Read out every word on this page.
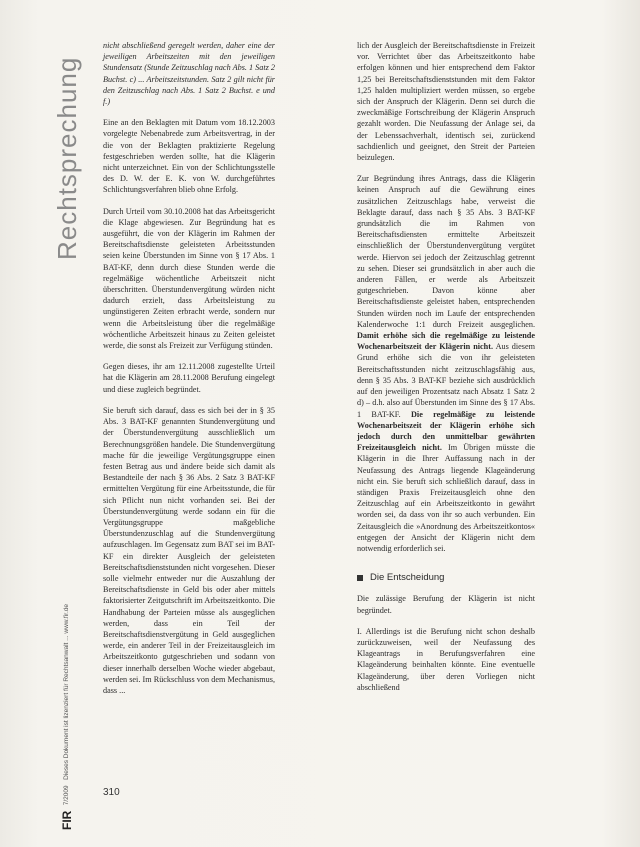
Rechtsprechung
FIR   7/2009   Dieses Dokument ist lizenziert für Rechtsanwalt ... www.fir.de

nicht abschließend geregelt werden, daher eine der jeweiligen Arbeitszeiten mit den jeweiligen Stundensatz (Stunde Zeitzuschlag nach Abs. 1 Satz 2 Buchst. c) ... Arbeitszeitstunden. Satz 2 gilt nicht für den Zeitzuschlag nach Abs. 1 Satz 2 Buchst. e und f.)

Eine an den Beklagten mit Datum vom 18.12.2003 vorgelegte Nebenabrede zum Arbeitsvertrag, in der die von der Beklagten praktizierte Regelung festgeschrieben werden sollte, hat die Klägerin nicht unterzeichnet. Ein von der Schlichtungsstelle des D. W. der E. K. von W. durchgeführtes Schlichtungsverfahren blieb ohne Erfolg.

Durch Urteil vom 30.10.2008 hat das Arbeitsgericht die Klage abgewiesen. Zur Begründung hat es ausgeführt, die von der Klägerin im Rahmen der Bereitschaftsdienste geleisteten Arbeitsstunden seien keine Überstunden im Sinne von § 17 Abs. 1 BAT-KF, denn durch diese Stunden werde die regelmäßige wöchentliche Arbeitszeit nicht überschritten. Überstundenvergütung würden nicht dadurch erzielt, dass Arbeitsleistung zu ungünstigeren Zeiten erbracht werde, sondern nur wenn die Arbeitsleistung über die regelmäßige wöchentliche Arbeitszeit hinaus zu Zeiten geleistet werde, die sonst als Freizeit zur Verfügung stünden.

Gegen dieses, ihr am 12.11.2008 zugestellte Urteil hat die Klägerin am 28.11.2008 Berufung eingelegt und diese zugleich begründet.

Sie beruft sich darauf, dass es sich bei der in § 35 Abs. 3 BAT-KF genannten Stundenvergütung und der Überstundenvergütung ausschließlich um Berechnungsgrößen handele. Die Stundenvergütung mache für die jeweilige Vergütungsgruppe einen festen Betrag aus und ändere beide sich damit als Bestandteile der nach § 36 Abs. 2 Satz 3 BAT-KF ermittelten Vergütung für eine Arbeitsstunde, die für sich Pflicht nun nicht vorhanden sei. Bei der Überstundenvergütung werde sodann ein für die Vergütungsgruppe maßgebliche Überstundenzuschlag auf die Stundenvergütung aufzuschlagen. Im Gegensatz zum BAT sei im BAT-KF ein direkter Ausgleich der geleisteten Bereitschaftsdienststunden nicht vorgesehen. Dieser solle vielmehr entweder nur die Auszahlung der Bereitschaftsdienste in Geld bis oder aber mittels faktorisierter Zeitgutschrift im Arbeitszeitkonto. Die Handhabung der Parteien müsse als ausgeglichen werden, dass ein Teil der Bereitschaftsdienstvergütung in Geld ausgeglichen werde, ein anderer Teil in der Freizeitausgleich im Arbeitszeitkonto gutgeschrieben und sodann von dieser innerhalb derselben Woche wieder abgebaut, werden sei. Im Rückschluss von dem Mechanismus, dass ...

lich der Ausgleich der Bereitschaftsdienste in Freizeit vor. Verrichtet über das Arbeitszeitkonto habe erfolgen können und hier entsprechend dem Faktor 1,25 bei Bereitschaftsdienststunden mit dem Faktor 1,25 halden multipliziert werden müssen, so ergebe sich der Anspruch der Klägerin. Denn sei durch die zweckmäßige Fortschreibung der Klägerin Anspruch gezahlt worden. Die Neufassung der Anlage sei, da der Lebenssachverhalt, identisch sei, zurückend sachdienlich und geeignet, den Streit der Parteien beizulegen.

Zur Begründung ihres Antrags, dass die Klägerin keinen Anspruch auf die Gewährung eines zusätzlichen Zeitzuschlags habe, verweist die Beklagte darauf, dass nach § 35 Abs. 3 BAT-KF grundsätzlich die im Rahmen von Bereitschaftsdiensten ermittelte Arbeitszeit einschließlich der Überstundenvergütung vergütet werde. Hiervon sei jedoch der Zeitzuschlag getrennt zu sehen. Dieser sei grundsätzlich in aber auch die anderen Fällen, er werde als Arbeitszeit gutgeschrieben. Davon könne aber Bereitschaftsdienste geleistet haben, entsprechenden Stunden würden noch im Laufe der entsprechenden Kalenderwoche 1:1 durch Freizeit ausgeglichen. Damit erhöhe sich die regelmäßige zu leistende Wochenarbeitszeit der Klägerin nicht. Aus diesem Grund erhöhe sich die von ihr geleisteten Bereitschaftsstunden nicht zeitzuschlagsfähig aus, denn § 35 Abs. 3 BAT-KF beziehe sich ausdrücklich auf den jeweiligen Prozentsatz nach Absatz 1 Satz 2 d) – d.h. also auf Überstunden im Sinne des § 17 Abs. 1 BAT-KF. Die regelmäßige zu leistende Wochenarbeitszeit der Klägerin erhöhe sich jedoch durch den unmittelbar gewährten Freizeitausgleich nicht. Im Übrigen müsste die Klägerin in die Ihrer Auffassung nach in der Neufassung des Antrags liegende Klageänderung nicht ein. Sie beruft sich schließlich darauf, dass in ständigen Praxis Freizeitausgleich ohne den Zeitzuschlag auf ein Arbeitszeitkonto in gewährt worden sei, da dass von ihr so auch verbunden. Ein Zeitausgleich die »Anordnung des Arbeitszeitkontos« entgegen der Ansicht der Klägerin nicht dem notwendig erforderlich sei.

Die Entscheidung

Die zulässige Berufung der Klägerin ist nicht begründet.

I. Allerdings ist die Berufung nicht schon deshalb zurückzuweisen, weil der Neufassung des Klageantrags in Berufungsverfahren eine Klageänderung beinhalten könnte. Eine eventuelle Klageänderung, über deren Vorliegen nicht abschließend

310
